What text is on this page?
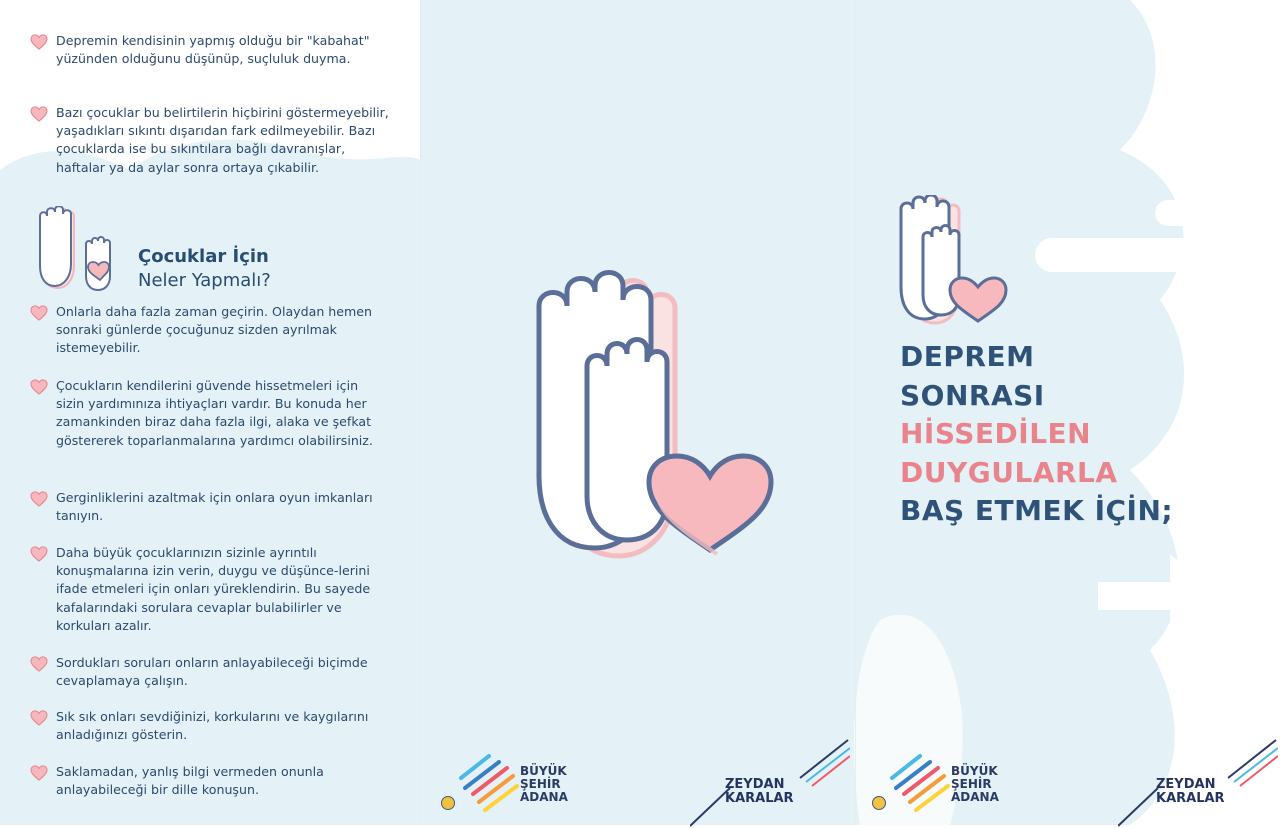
Depremin kendisinin yapmış olduğu bir "kabahat" yüzünden olduğunu düşünüp, suçluluk duyma.
Bazı çocuklar bu belirtilerin hiçbirini göstermeyebilir, yaşadıkları sıkıntı dışarıdan fark edilmeyebilir. Bazı çocuklarda ise bu sıkıntılara bağlı davranışlar, haftalar ya da aylar sonra ortaya çıkabilir.
Çocuklar İçin
Neler Yapmalı?
Onlarla daha fazla zaman geçirin. Olaydan hemen sonraki günlerde çocuğunuz sizden ayrılmak istemeyebilir.
Çocukların kendilerini güvende hissetmeleri için sizin yardımınıza ihtiyaçları vardır. Bu konuda her zamankinden biraz daha fazla ilgi, alaka ve şefkat göstererek toparlanmalarına yardımcı olabilirsiniz.
Gerginliklerini azaltmak için onlara oyun imkanları tanıyın.
Daha büyük çocuklarınızın sizinle ayrıntılı konuşmalarına izin verin, duygu ve düşünce-lerini ifade etmeleri için onları yüreklendirin. Bu sayede kafalarındaki sorulara cevaplar bulabilirler ve korkuları azalır.
Sordukları soruları onların anlayabileceği biçimde cevaplamaya çalışın.
Sık sık onları sevdiğinizi, korkularını ve kaygılarını anladığınızı gösterin.
Saklamadan, yanlış bilgi vermeden onunla anlayabileceği bir dille konuşun.
DEPREM
SONRASI
HİSSEDİLEN
DUYGULARLA
BAŞ ETMEK İÇİN;
BÜYÜK
ŞEHİR
ADANA
ZEYDAN
KARALAR
BÜYÜK
ŞEHİR
ADANA
ZEYDAN
KARALAR
